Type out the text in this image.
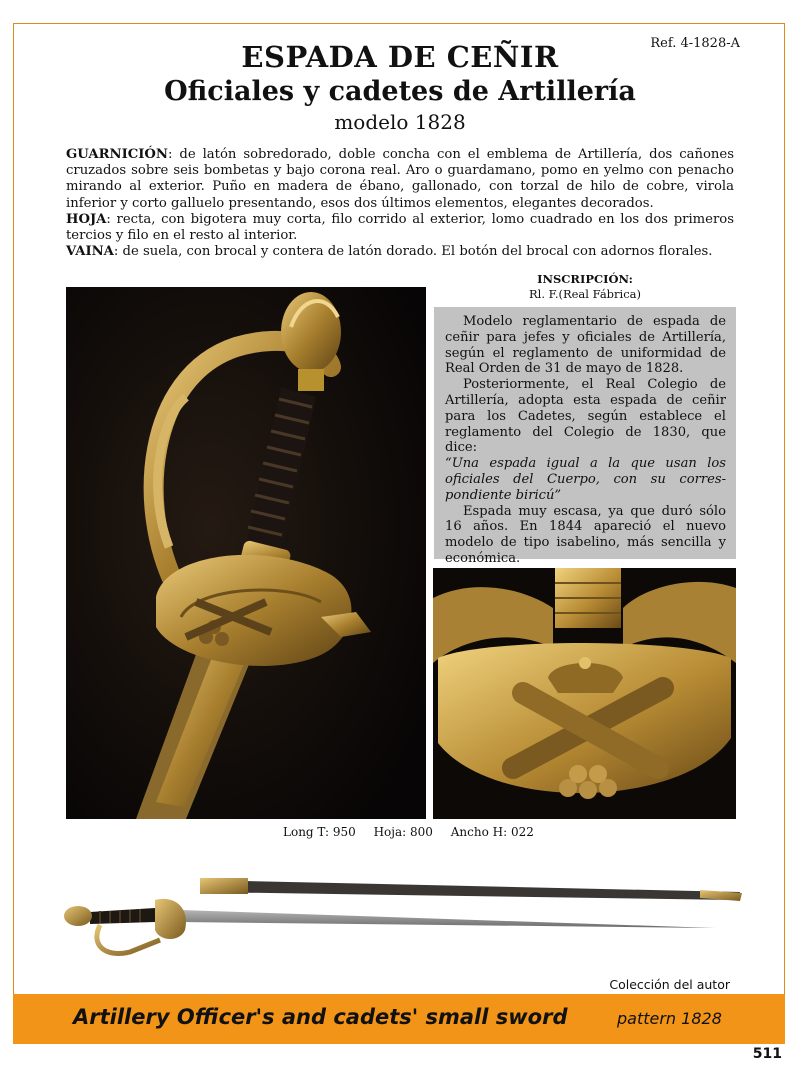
Ref. 4-1828-A
ESPADA DE CEÑIR
Oficiales y cadetes de Artillería
modelo 1828

GUARNICIÓN: de latón sobredorado, doble concha con el emblema de Artillería, dos cañones cruzados sobre seis bombetas y bajo corona real. Aro o guardamano, pomo en yelmo con penacho mirando al exterior. Puño en madera de ébano, gallonado, con torzal de hilo de cobre, virola inferior y corto galluelo presentando, esos dos últimos elementos, elegantes decorados.

HOJA: recta, con bigotera muy corta, filo corrido al exterior, lomo cuadrado en los dos primeros tercios y filo en el resto al interior.

VAINA: de suela, con brocal y contera de latón dorado. El botón del brocal con adornos florales.

INSCRIPCIÓN:
Rl. F.(Real Fábrica)

Modelo reglamentario de espada de ceñir para jefes y oficiales de Artillería, según el reglamento de uniformidad de Real Orden de 31 de mayo de 1828.

Posteriormente, el Real Colegio de Artillería, adopta esta espada de ceñir para los Cadetes, según establece el reglamento del Colegio de 1830, que dice:

“Una espada igual a la que usan los oficiales del Cuerpo, con su corres-pondiente biricú”

Espada muy escasa, ya que duró sólo 16 años. En 1844 apareció el nuevo modelo de tipo isabelino, más sencilla y económica.

Long T: 950 Hoja: 800 Ancho H: 022
Colección del autor
Artillery Officer's and cadets' small sword	pattern 1828
511
